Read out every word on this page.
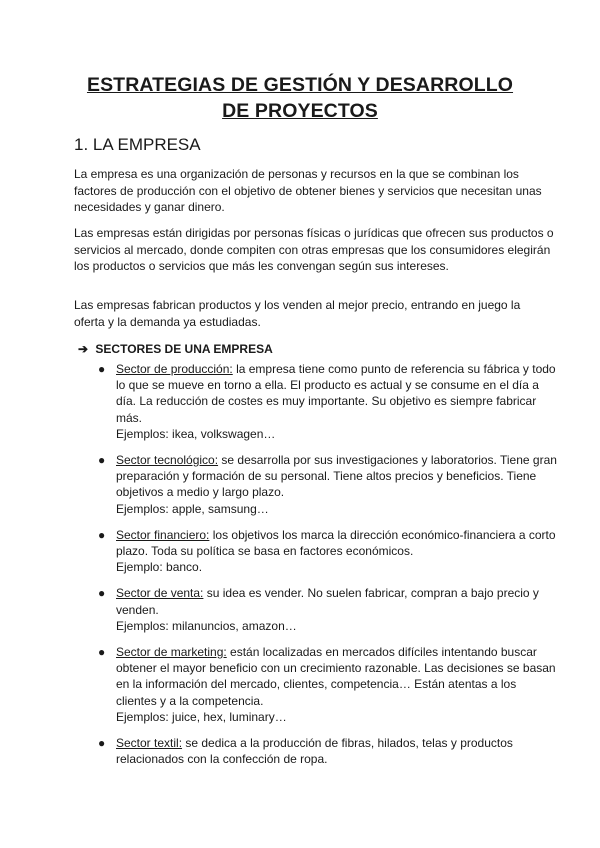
ESTRATEGIAS DE GESTIÓN Y DESARROLLO
DE PROYECTOS
1. LA EMPRESA

La empresa es una organización de personas y recursos en la que se combinan los factores de producción con el objetivo de obtener bienes y servicios que necesitan unas necesidades y ganar dinero.

Las empresas están dirigidas por personas físicas o jurídicas que ofrecen sus productos o servicios al mercado, donde compiten con otras empresas que los consumidores elegirán los productos o servicios que más les convengan según sus intereses.

Las empresas fabrican productos y los venden al mejor precio, entrando en juego la oferta y la demanda ya estudiadas.

➔ SECTORES DE UNA EMPRESA
● Sector de producción: la empresa tiene como punto de referencia su fábrica y todo lo que se mueve en torno a ella. El producto es actual y se consume en el día a día. La reducción de costes es muy importante. Su objetivo es siempre fabricar más.
Ejemplos: ikea, volkswagen…
● Sector tecnológico: se desarrolla por sus investigaciones y laboratorios. Tiene gran preparación y formación de su personal. Tiene altos precios y beneficios. Tiene objetivos a medio y largo plazo.
Ejemplos: apple, samsung…
● Sector financiero: los objetivos los marca la dirección económico-financiera a corto plazo. Toda su política se basa en factores económicos.
Ejemplo: banco.
● Sector de venta: su idea es vender. No suelen fabricar, compran a bajo precio y venden.
Ejemplos: milanuncios, amazon…
● Sector de marketing: están localizadas en mercados difíciles intentando buscar obtener el mayor beneficio con un crecimiento razonable. Las decisiones se basan en la información del mercado, clientes, competencia… Están atentas a los clientes y a la competencia.
Ejemplos: juice, hex, luminary…
● Sector textil: se dedica a la producción de fibras, hilados, telas y productos relacionados con la confección de ropa.
